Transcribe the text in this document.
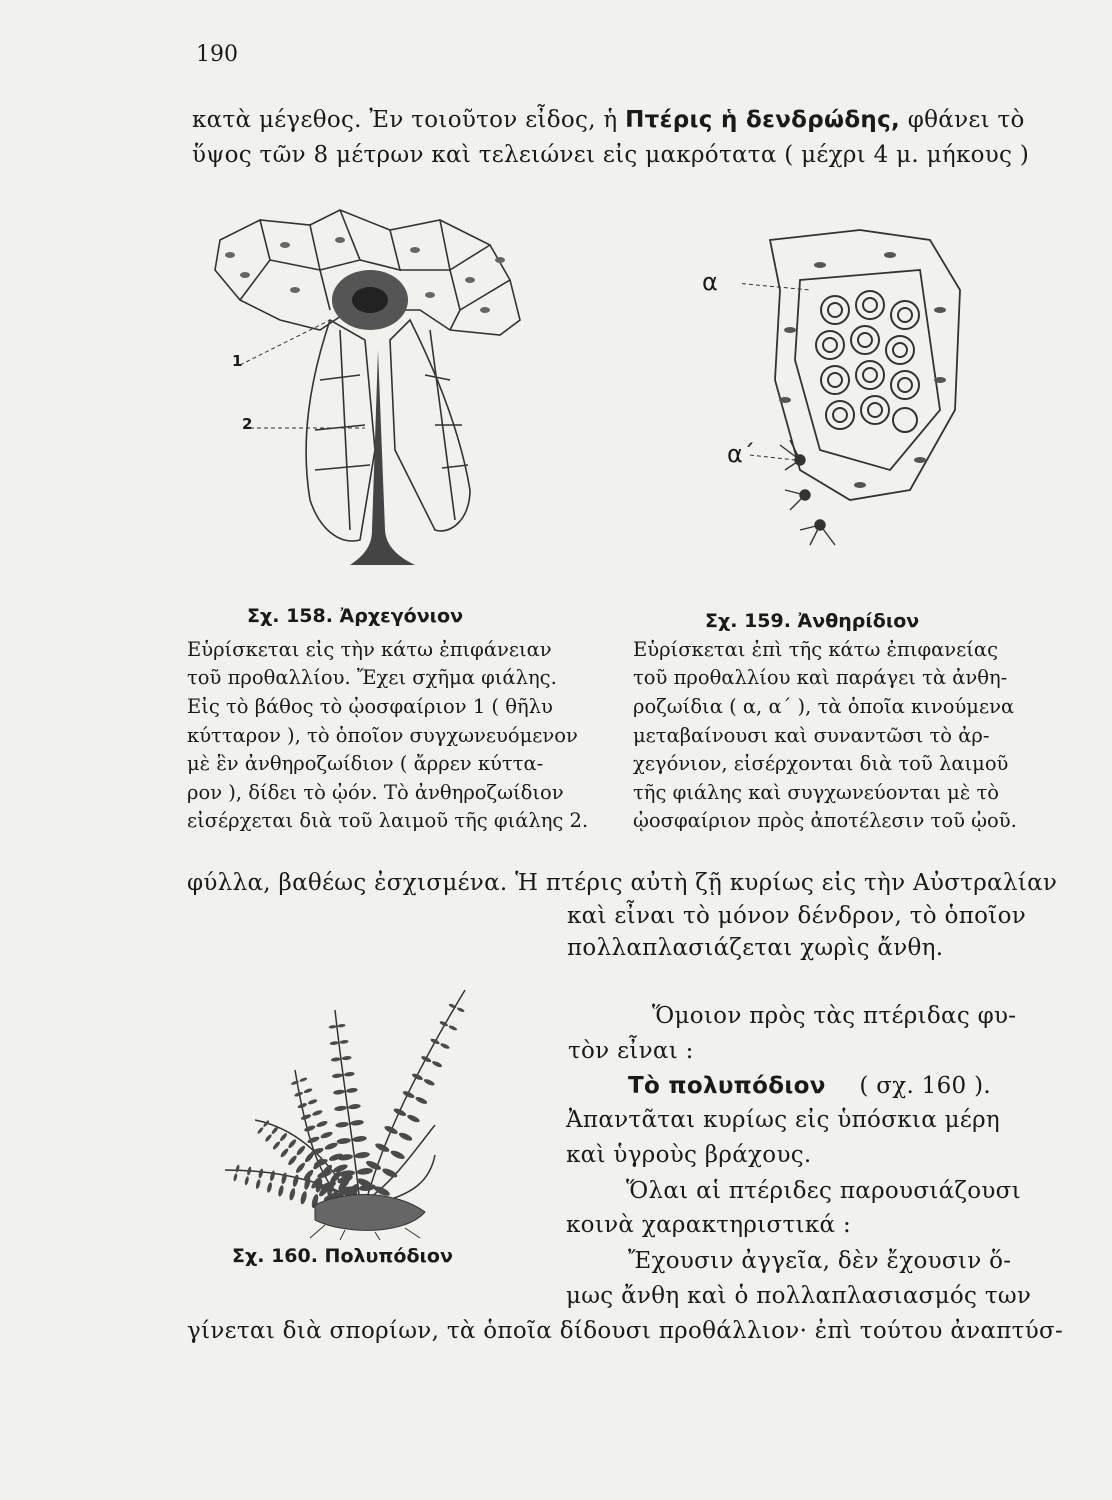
190
κατὰ μέγεθος. Ἐν τοιοῦτον εἶδος, ἡ Πτέρις ἡ δενδρώδης, φθάνει τὸ
ὕψος τῶν 8 μέτρων καὶ τελειώνει εἰς μακρότατα ( μέχρι 4 μ. μήκους )
1
2
α
α΄
Σχ. 158. Ἀρχεγόνιον
Εὑρίσκεται εἰς τὴν κάτω ἐπιφάνειαν
τοῦ προθαλλίου. Ἔχει σχῆμα φιάλης.
Εἰς τὸ βάθος τὸ ᾠοσφαίριον 1 ( θῆλυ
κύτταρον ), τὸ ὁποῖον συγχωνευόμενον
μὲ ἓν ἀνθηροζωίδιον ( ἄρρεν κύττα-
ρον ), δίδει τὸ ᾠόν. Τὸ ἀνθηροζωίδιον
εἰσέρχεται διὰ τοῦ λαιμοῦ τῆς φιάλης 2.
Σχ. 159. Ἀνθηρίδιον
Εὑρίσκεται ἐπὶ τῆς κάτω ἐπιφανείας
τοῦ προθαλλίου καὶ παράγει τὰ ἀνθη-
ροζωίδια ( α, α΄ ), τὰ ὁποῖα κινούμενα
μεταβαίνουσι καὶ συναντῶσι τὸ ἀρ-
χεγόνιον, εἰσέρχονται διὰ τοῦ λαιμοῦ
τῆς φιάλης καὶ συγχωνεύονται μὲ τὸ
ᾠοσφαίριον πρὸς ἀποτέλεσιν τοῦ ᾠοῦ.
φύλλα, βαθέως ἐσχισμένα. Ἡ πτέρις αὐτὴ ζῇ κυρίως εἰς τὴν Αὐστραλίαν
καὶ εἶναι τὸ μόνον δένδρον, τὸ ὁποῖον
πολλαπλασιάζεται χωρὶς ἄνθη.
Σχ. 160. Πολυπόδιον
Ὅμοιον πρὸς τὰς πτέριδας φυ-
τὸν εἶναι :
Τὸ πολυπόδιον ( σχ. 160 ).
Ἀπαντᾶται κυρίως εἰς ὑπόσκια μέρη
καὶ ὑγροὺς βράχους.
Ὅλαι αἱ πτέριδες παρουσιάζουσι
κοινὰ χαρακτηριστικά :
Ἔχουσιν ἀγγεῖα, δὲν ἔχουσιν ὅ-
μως ἄνθη καὶ ὁ πολλαπλασιασμός των
γίνεται διὰ σπορίων, τὰ ὁποῖα δίδουσι προθάλλιον· ἐπὶ τούτου ἀναπτύσ-
